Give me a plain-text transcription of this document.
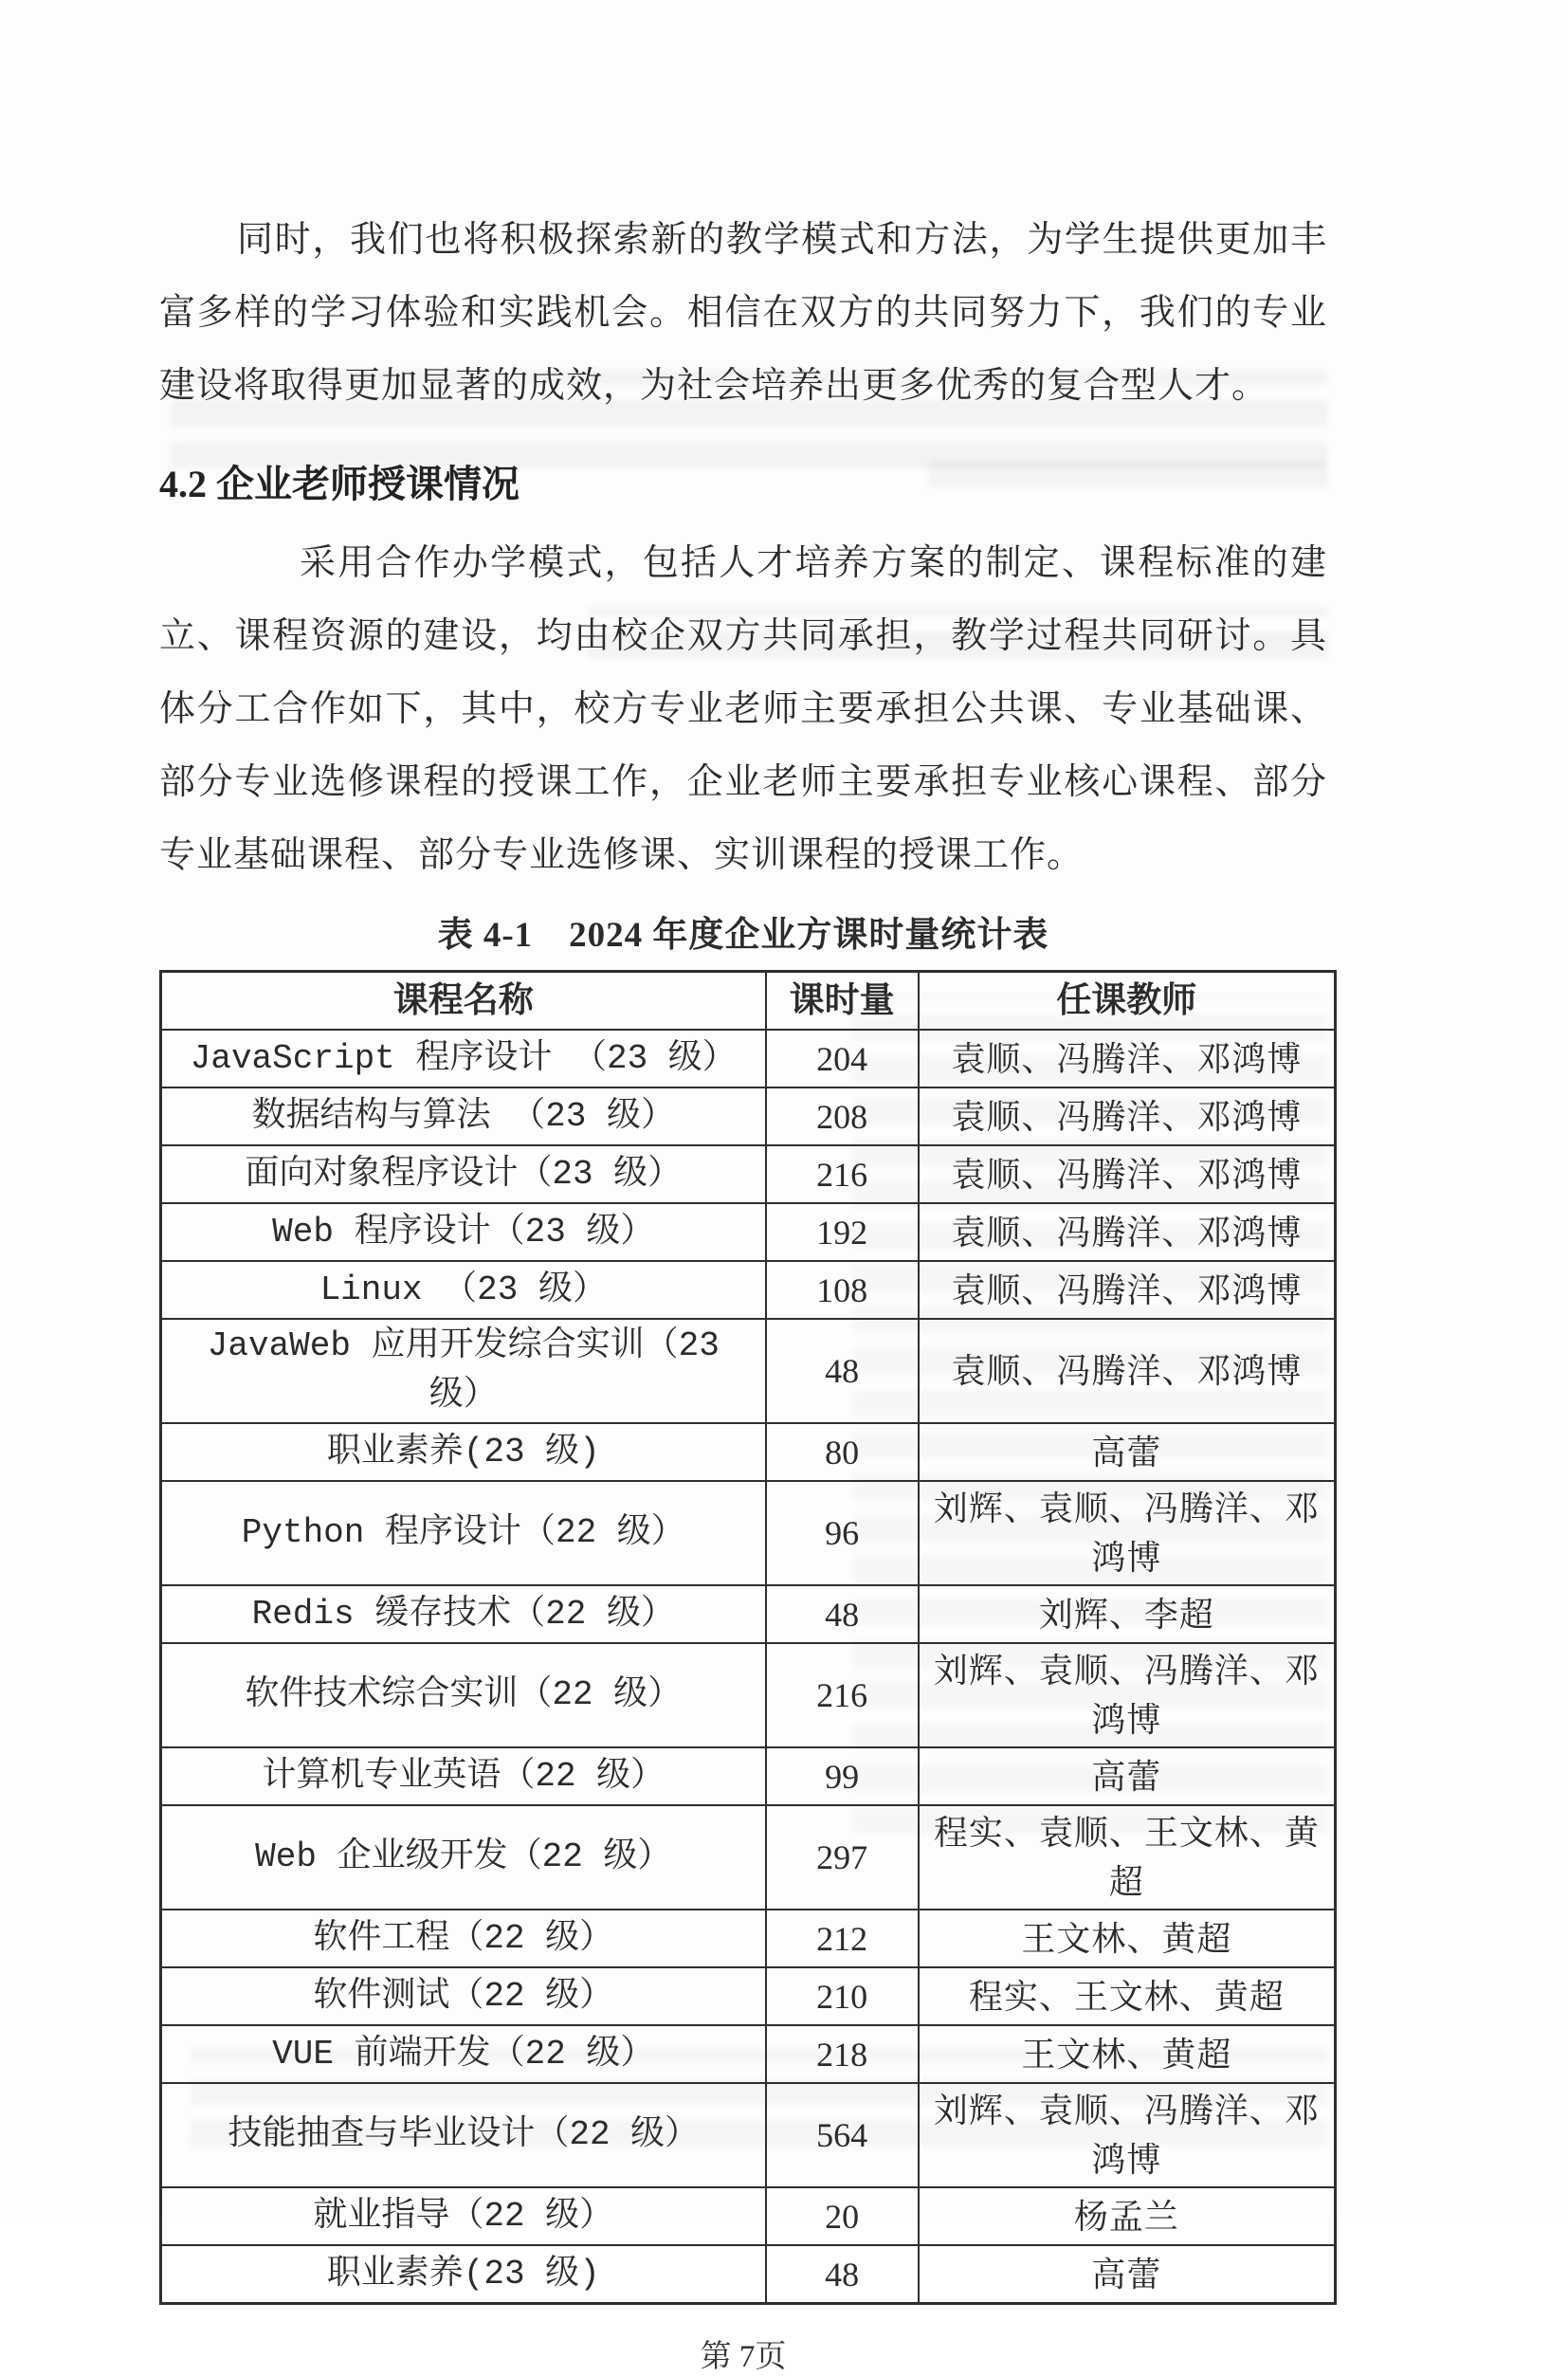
同时，我们也将积极探索新的教学模式和方法，为学生提供更加丰富多样的学习体验和实践机会。相信在双方的共同努力下，我们的专业建设将取得更加显著的成效，为社会培养出更多优秀的复合型人才。

4.2 企业老师授课情况

采用合作办学模式，包括人才培养方案的制定、课程标准的建立、课程资源的建设，均由校企双方共同承担，教学过程共同研讨。具体分工合作如下，其中，校方专业老师主要承担公共课、专业基础课、部分专业选修课程的授课工作，企业老师主要承担专业核心课程、部分专业基础课程、部分专业选修课、实训课程的授课工作。

表 4-1　2024 年度企业方课时量统计表
课程名称	课时量	任课教师
JavaScript 程序设计 （23 级）	204	袁顺、冯腾洋、邓鸿博
数据结构与算法 （23 级）	208	袁顺、冯腾洋、邓鸿博
面向对象程序设计（23 级）	216	袁顺、冯腾洋、邓鸿博
Web 程序设计（23 级）	192	袁顺、冯腾洋、邓鸿博
Linux （23 级）	108	袁顺、冯腾洋、邓鸿博
JavaWeb 应用开发综合实训（23 级）	48	袁顺、冯腾洋、邓鸿博
职业素养(23 级)	80	高蕾
Python 程序设计（22 级）	96	刘辉、袁顺、冯腾洋、邓鸿博
Redis 缓存技术（22 级）	48	刘辉、李超
软件技术综合实训（22 级）	216	刘辉、袁顺、冯腾洋、邓鸿博
计算机专业英语（22 级）	99	高蕾
Web 企业级开发（22 级）	297	程实、袁顺、王文林、黄超
软件工程（22 级）	212	王文林、黄超
软件测试（22 级）	210	程实、王文林、黄超
VUE 前端开发（22 级）	218	王文林、黄超
技能抽查与毕业设计（22 级）	564	刘辉、袁顺、冯腾洋、邓鸿博
就业指导（22 级）	20	杨孟兰
职业素养(23 级)	48	高蕾
第 7页
